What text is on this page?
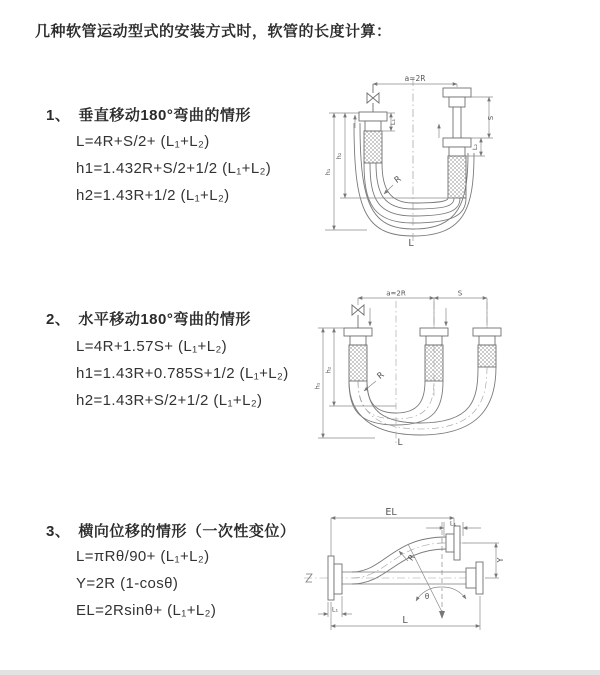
几种软管运动型式的安装方式时，软管的长度计算：
1、 垂直移动180°弯曲的情形
L=4R+S/2+ (L₁+L₂)
h1=1.432R+S/2+1/2 (L₁+L₂)
h2=1.43R+1/2 (L₁+L₂)
2、 水平移动180°弯曲的情形
L=4R+1.57S+ (L₁+L₂)
h1=1.43R+0.785S+1/2 (L₁+L₂)
h2=1.43R+S/2+1/2 (L₁+L₂)
3、 横向位移的情形（一次性变位）
L=πRθ/90+ (L₁+L₂)
Y=2R (1-cosθ)
EL=2Rsinθ+ (L₁+L₂)
a=2R
L₁
S
L₂
h₁
h₂
R
L
a=2R	S
h₁
h₂
R
L
EL
L₁
Y
R
θ
L
L₁
